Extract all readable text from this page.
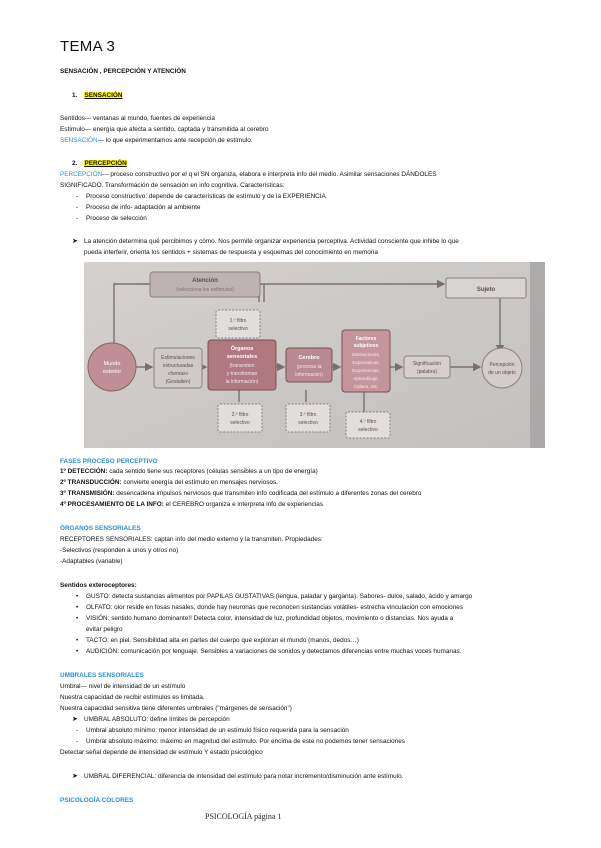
TEMA 3
SENSACIÓN , PERCEPCIÓN Y ATENCIÓN
1. SENSACIÓN
Sentidos--- ventanas al mundo, fuentes de experiencia
Estímulo--- energía que afecta a sentido, captada y transmitida al cerebro
SENSACIÓN--- lo que experimentamos ante recepción de estímulo.
2. PERCEPCIÓN
PERCEPCIÓN--- proceso constructivo por el q el SN organiza, elabora e interpreta info del medio. Asimilar sensaciones DÁNDOLES
SIGNIFICADO. Transformación de sensación en info cognitiva. Características:
- Proceso constructivo: depende de características de estímulo y de la EXPERIENCIA
- Proceso de info- adaptación al ambiente
- Proceso de selección
➤ La atención determina qué percibimos y cómo. Nos permite organizar experiencia perceptiva. Actividad consciente que inhibe lo que
pueda interferir, orienta los sentidos + sistemas de respuesta y esquemas del conocimiento en memoria
Atención
(selecciona los estímulos)	Sujeto
Mundo
exterior
Estimulaciones
estructuradas
«formas»
(Gestalten)
1.º filtro
selectivo
Órganos
sensoriales
(transmiten
y transforman
la información)
2.º filtro
selectivo
Cerebro
(procesa la
información)
3.º filtro
selectivo
Factores
subjetivos
Motivaciones,
Expectativas,
Experiencias,
Aprendizaje,
Cultura, etc.
4.º filtro
selectivo
Significación
(palabra)
Percepción
de un objeto
FASES PROCESO PERCEPTIVO
1º DETECCIÓN: cada sentido tiene sus receptores (células sensibles a un tipo de energía)
2º TRANSDUCCIÓN: convierte energía del estímulo en mensajes nerviosos.
3º TRANSMISIÓN: desencadena impulsos nerviosos que transmiten info codificada del estímulo a diferentes zonas del cerebro
4º PROCESAMIENTO DE LA INFO: el CEREBRO organiza e interpreta info de experiencias
ÓRGANOS SENSORIALES
RECEPTORES SENSORIALES: captan info del medio externo y la transmiten. Propiedades:
-Selectivos (responden a unos y otros no)
-Adaptables (variable)
Sentidos exteroceptores:
• GUSTO: detecta sustancias alimentos por PAPILAS GUSTATIVAS (lengua, paladar y garganta). Sabores- dulce, salado, ácido y amargo
• OLFATO: olor reside en fosas nasales, donde hay neuronas que reconocen sustancias volátiles- estrecha vinculación con emociones
• VISIÓN: sentido humano dominante!! Detecta color, intensidad de luz, profundidad objetos, movimiento o distancias. Nos ayuda a
evitar peligro
• TACTO: en piel. Sensibilidad alta en partes del cuerpo que exploran el mundo (manos, dedos…)
• AUDICIÓN: comunicación por lenguaje. Sensibles a variaciones de sonidos y detectamos diferencias entre muchas voces humanas.
UMBRALES SENSORIALES
Umbral--- nivel de intensidad de un estímulo
Nuestra capacidad de recibir estímulos es limitada.
Nuestra capacidad sensitiva tiene diferentes umbrales ("márgenes de sensación")
➤ UMBRAL ABSOLUTO: define límites de percepción
- Umbral absoluto mínimo: menor intensidad de un estímulo físico requerida para la sensación
- Umbral absoluto máximo: máximo en magnitud del estímulo. Por encima de este no podemos tener sensaciones
Detectar señal depende de intensidad de estímulo Y estado psicológico
➤ UMBRAL DIFERENCIAL: diferencia de intensidad del estímulo para notar incremento/disminución ante estímulo.
PSICOLOGÍA COLORES
PSICOLOGÍA página 1
